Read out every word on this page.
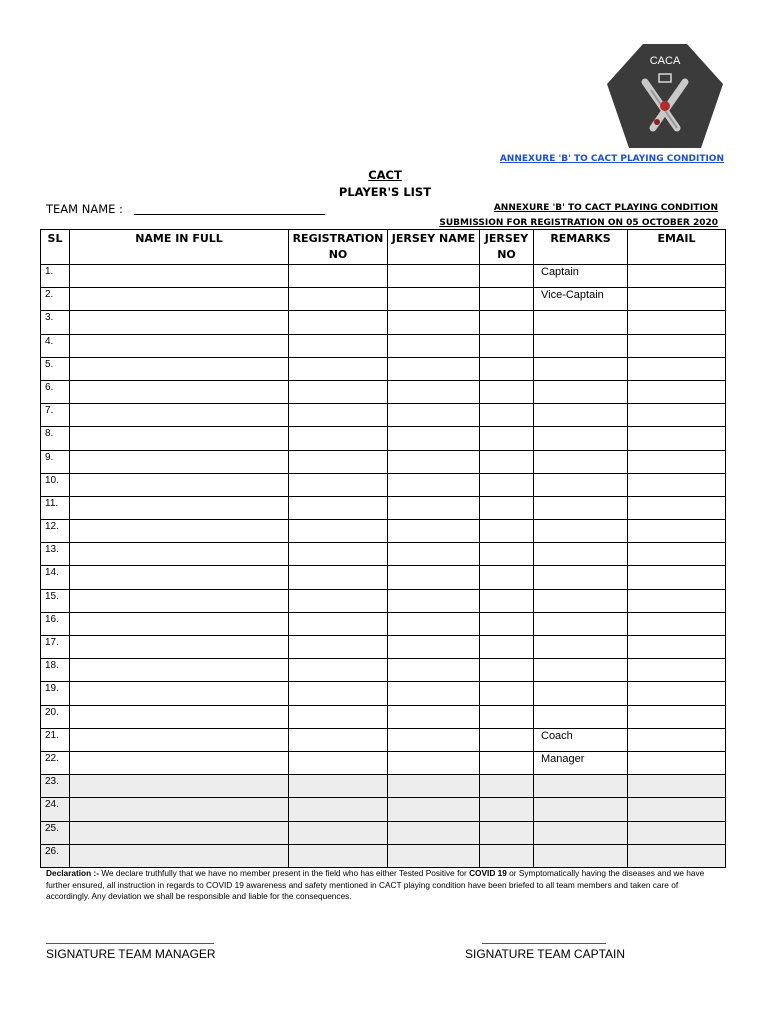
CACA
ANNEXURE 'B' TO CACT PLAYING CONDITION
CACT
PLAYER'S LIST
TEAM NAME :	ANNEXURE 'B' TO CACT PLAYING CONDITION
SUBMISSION FOR REGISTRATION ON 05 OCTOBER 2020
SL	NAME IN FULL	REGISTRATION NO	JERSEY NAME	JERSEY NO	REMARKS	EMAIL
1.					Captain	
2.					Vice-Captain	
3.						
4.						
5.						
6.						
7.						
8.						
9.						
10.						
11.						
12.						
13.						
14.						
15.						
16.						
17.						
18.						
19.						
20.						
21.					Coach	
22.					Manager	
23.						
24.						
25.						
26.						
Declaration :- We declare truthfully that we have no member present in the field who has either Tested Positive for COVID 19 or Symptomatically having the diseases and we have further ensured, all instruction in regards to COVID 19 awareness and safety mentioned in CACT playing condition have been briefed to all team members and taken care of accordingly. Any deviation we shall be responsible and liable for the consequences.
SIGNATURE TEAM MANAGER	SIGNATURE TEAM CAPTAIN
